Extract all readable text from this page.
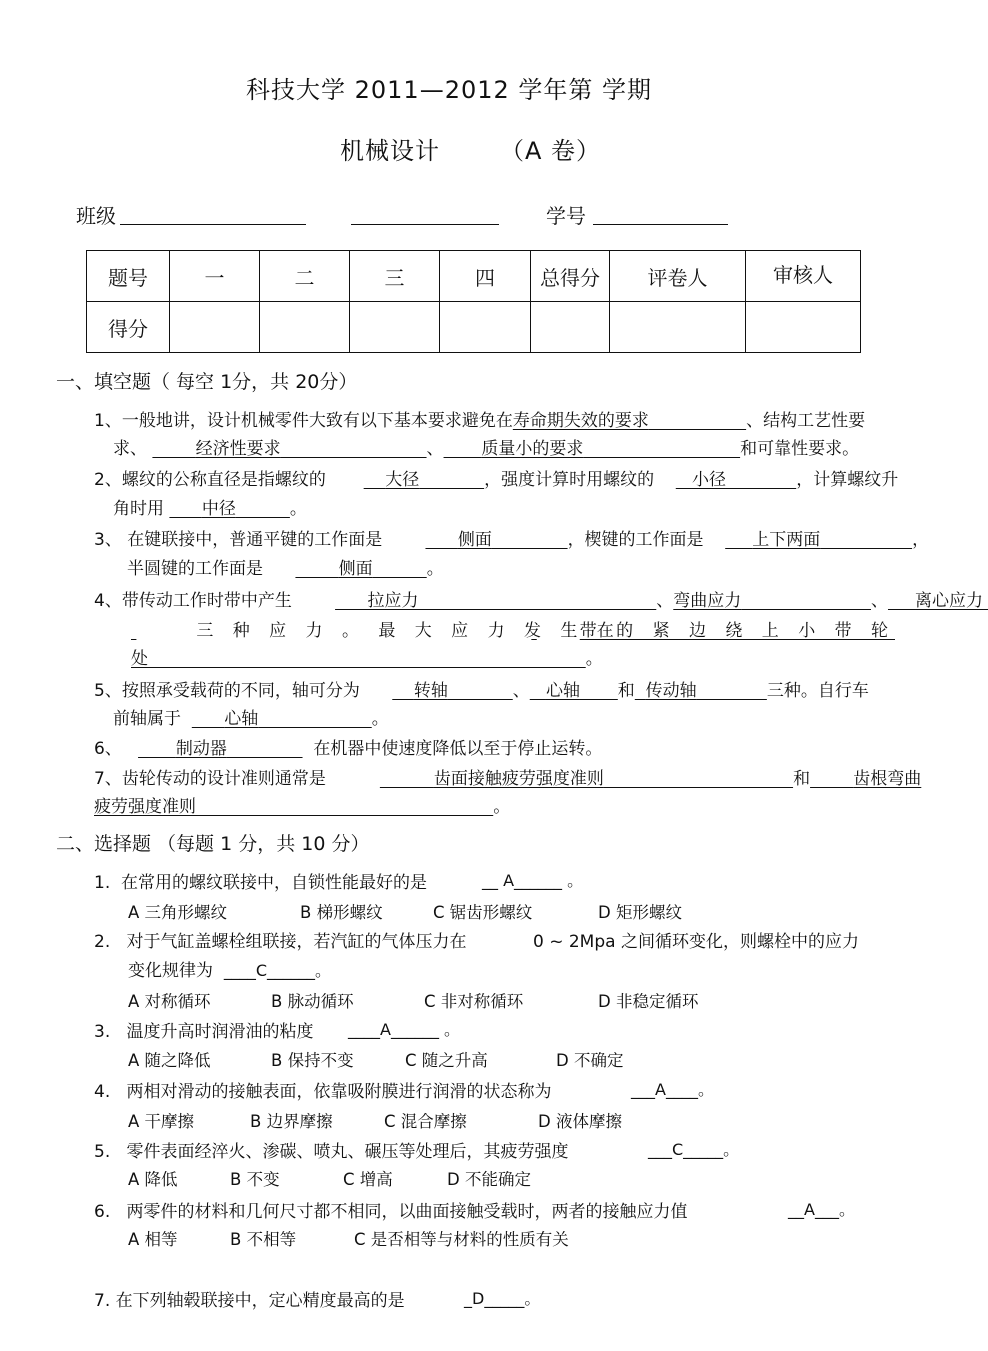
科技大学 2011—2012 学年第 学期
机械设计	（A 卷）
班级	学号
题号	一	二	三	四	总得分	评卷人	审核人
得分							
一、填空题（ 每空 1分，共 20分）
1、一般地讲，设计机械零件大致有以下基本要求避免在寿命期失效的要求	、结构工艺性要
求、	经济性要求	、 质量小的要求	和可靠性要求。
2、螺纹的公称直径是指螺纹的	大径	，强度计算时用螺纹的 小径	，计算螺纹升
角时用 中径	。
3、 在键联接中，普通平键的工作面是	侧面	，楔键的工作面是	上下两面	，
半圆键的工作面是	侧面	。
4、带传动工作时带中产生	拉应力	、弯曲应力	、 离心应力

三 种 应 力 。 最 大 应 力 发 生 在

带 的 紧 边 绕 上 小 带 轮
处	。
5、按照承受载荷的不同，轴可分为	转轴	、 心轴 和 传动轴	三种。自行车
前轴属于	心轴	。
6、	制动器	在机器中使速度降低以至于停止运转。
7、齿轮传动的设计准则通常是	齿面接触疲劳强度准则	和	齿根弯曲
疲劳强度准则	。
二、选择题 （每题 1 分，共 10 分）
1. 在常用的螺纹联接中，自锁性能最好的是	__ A______ 。
A 三角形螺纹	B 梯形螺纹	C 锯齿形螺纹	D 矩形螺纹
2. 对于气缸盖螺栓组联接，若汽缸的气体压力在	0 ~ 2Mpa 之间循环变化，则螺栓中的应力
变化规律为 ____C______。
A 对称循环	B 脉动循环	C 非对称循环	D 非稳定循环
3. 温度升高时润滑油的粘度 ____A______ 。
A 随之降低	B 保持不变	C 随之升高	D 不确定
4. 两相对滑动的接触表面，依靠吸附膜进行润滑的状态称为	___A____。
A 干摩擦	B 边界摩擦	C 混合摩擦	D 液体摩擦
5. 零件表面经淬火、渗碳、喷丸、碾压等处理后，其疲劳强度	___C_____。
A 降低	B 不变	C 增高	D 不能确定
6. 两零件的材料和几何尺寸都不相同，以曲面接触受载时，两者的接触应力值	__A___。
A 相等	B 不相等	C 是否相等与材料的性质有关
7. 在下列轴毂联接中，定心精度最高的是	_D_____。
